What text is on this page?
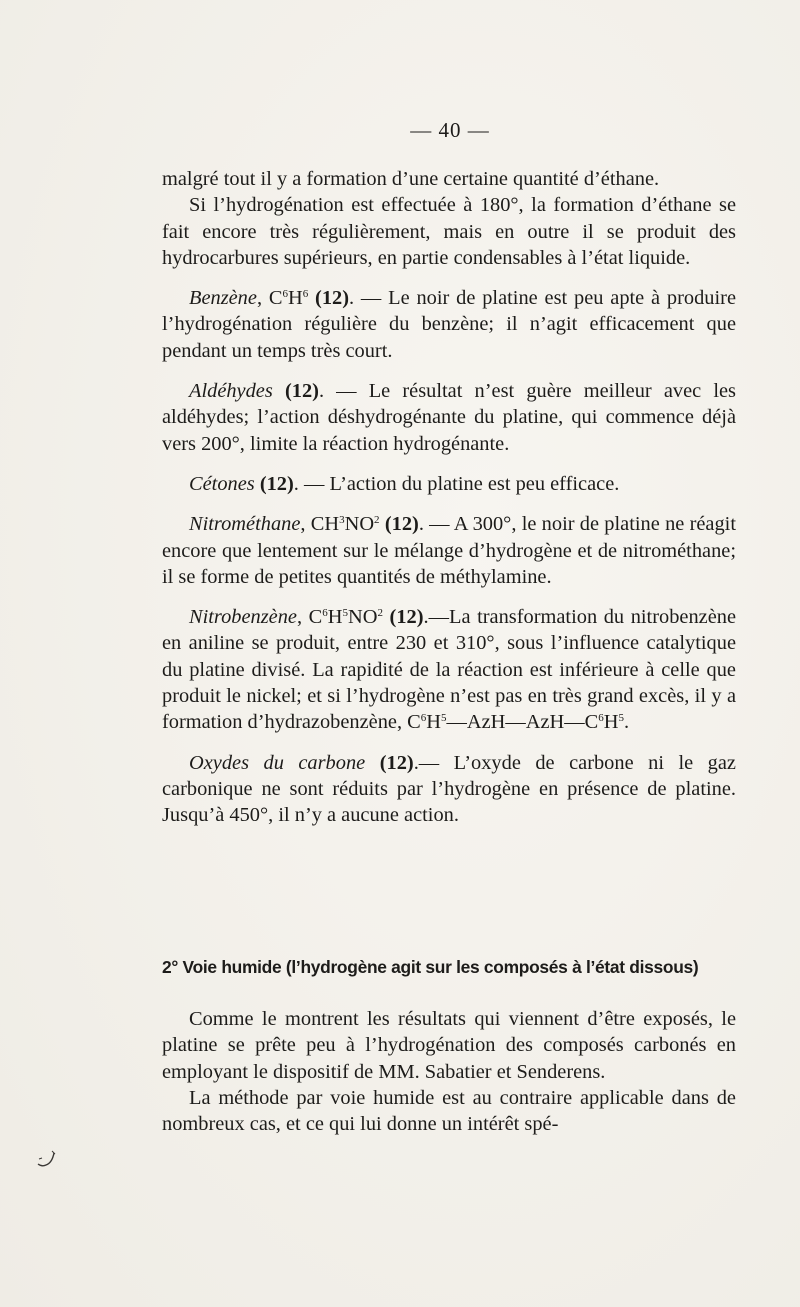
— 40 —

malgré tout il y a formation d’une certaine quantité d’éthane.

Si l’hydrogénation est effectuée à 180°, la formation d’éthane se fait encore très régulièrement, mais en outre il se produit des hydrocarbures supérieurs, en partie condensables à l’état liquide.

Benzène, $C^6H^6$ (12). — Le noir de platine est peu apte à produire l’hydrogénation régulière du benzène; il n’agit efficacement que pendant un temps très court.

Aldéhydes (12). — Le résultat n’est guère meilleur avec les aldéhydes; l’action déshydrogénante du platine, qui commence déjà vers 200°, limite la réaction hydrogénante.

Cétones (12). — L’action du platine est peu efficace.

Nitrométhane, $CH^3NO^2$ (12). — A 300°, le noir de platine ne réagit encore que lentement sur le mélange d’hydrogène et de nitrométhane; il se forme de petites quantités de méthylamine.

Nitrobenzène, $C^6H^5NO^2$ (12).—La transformation du nitrobenzène en aniline se produit, entre 230 et 310°, sous l’influence catalytique du platine divisé. La rapidité de la réaction est inférieure à celle que produit le nickel; et si l’hydrogène n’est pas en très grand excès, il y a formation d’hydrazobenzène, $C^6H^5—AzH—AzH—C^6H^5$.

Oxydes du carbone (12).— L’oxyde de carbone ni le gaz carbonique ne sont réduits par l’hydrogène en présence de platine. Jusqu’à 450°, il n’y a aucune action.

2° Voie humide (l’hydrogène agit sur les composés à l’état dissous)

Comme le montrent les résultats qui viennent d’être exposés, le platine se prête peu à l’hydrogénation des composés carbonés en employant le dispositif de MM. Sabatier et Senderens.

La méthode par voie humide est au contraire applicable dans de nombreux cas, et ce qui lui donne un intérêt spé-
